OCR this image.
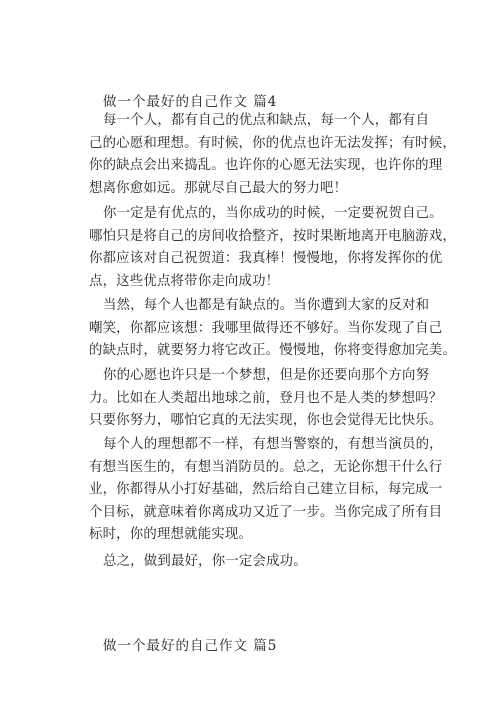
做一个最好的自己作文 篇4
每一个人，都有自己的优点和缺点，每一个人，都有自
己的心愿和理想。有时候，你的优点也许无法发挥；有时候，
你的缺点会出来捣乱。也许你的心愿无法实现，也许你的理
想离你愈如远。那就尽自己最大的努力吧！
你一定是有优点的，当你成功的时候，一定要祝贺自己。
哪怕只是将自己的房间收拾整齐，按时果断地离开电脑游戏，
你都应该对自己祝贺道：我真棒！慢慢地，你将发挥你的优
点，这些优点将带你走向成功！
当然，每个人也都是有缺点的。当你遭到大家的反对和
嘲笑，你都应该想：我哪里做得还不够好。当你发现了自己
的缺点时，就要努力将它改正。慢慢地，你将变得愈加完美。
你的心愿也许只是一个梦想，但是你还要向那个方向努
力。比如在人类超出地球之前，登月也不是人类的梦想吗？
只要你努力，哪怕它真的无法实现，你也会觉得无比快乐。
每个人的理想都不一样，有想当警察的，有想当演员的，
有想当医生的，有想当消防员的。总之，无论你想干什么行
业，你都得从小打好基础，然后给自己建立目标，每完成一
个目标，就意味着你离成功又近了一步。当你完成了所有目
标时，你的理想就能实现。
总之，做到最好，你一定会成功。
做一个最好的自己作文 篇5
